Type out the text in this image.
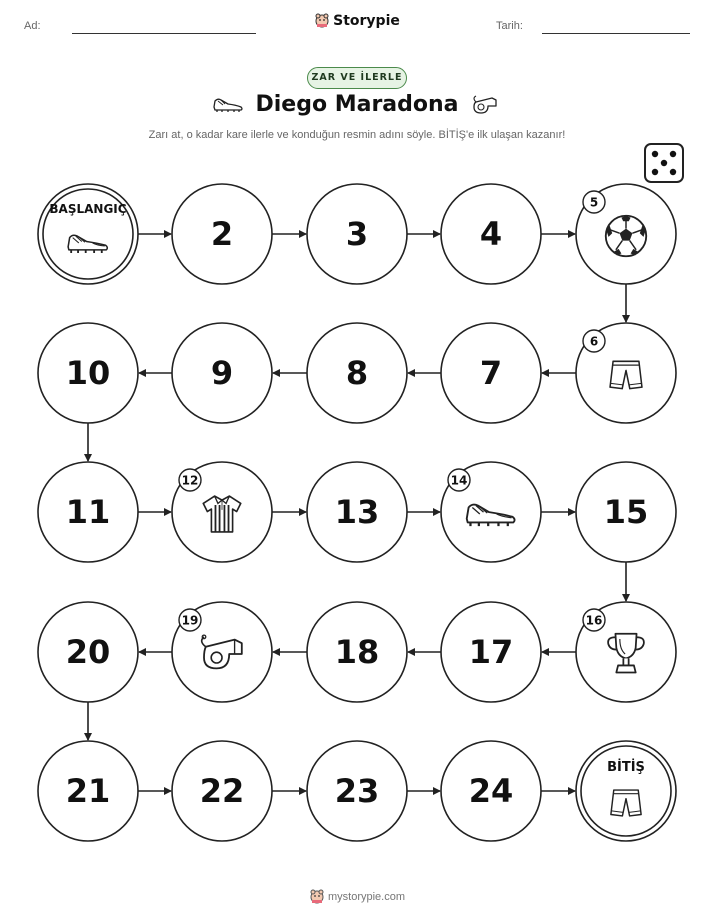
Ad:	Storypie	Tarih:
ZAR VE İLERLE
Diego Maradona
Zarı at, o kadar kare ilerle ve konduğun resmin adını söyle. BİTİŞ'e ilk ulaşan kazanır!
BAŞLANGIÇ
2	3	4
5
6
7
8
9
10
11
12
13
14
15
16
17
18
19
20
21	22	23	24
BİTİŞ
mystorypie.com
